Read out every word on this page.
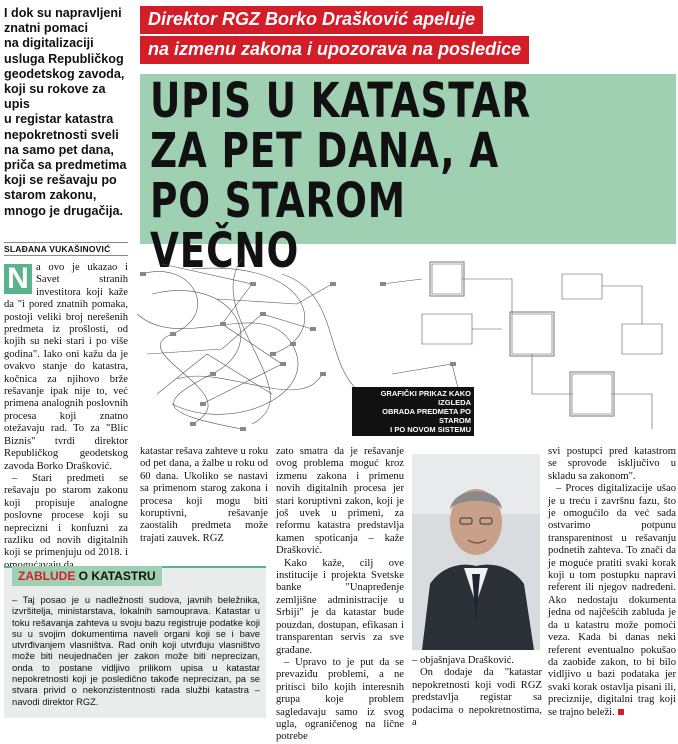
I dok su napravljeni
znatni pomaci
na digitalizaciji
usluga Republičkog
geodetskog zavoda,
koji su rokove za upis
u registar katastra
nepokretnosti sveli
na samo pet dana,
priča sa predmetima
koji se rešavaju po
starom zakonu,
mnogo je drugačija.
SLAĐANA VUKAŠINOVIĆ
Direktor RGZ Borko Drašković apeluje
na izmenu zakona i upozorava na posledice
UPIS U KATASTAR
ZA PET DANA, A
PO STAROM VEČNO

N a ovo je ukazao i Savet stranih investitora koji kaže da "i pored znatnih pomaka, postoji veliki broj nerešenih predmeta iz prošlosti, od kojih su neki stari i po više godina". Iako oni kažu da je ovakvo stanje do katastra, kočnica za njihovo brže rešavanje ipak nije to, već primena analognih poslovnih procesa koji znatno otežavaju rad. To za "Blic Biznis" tvrdi direktor Republičkog geodetskog zavoda Borko Drašković.

– Stari predmeti se rešavaju po starom zakonu koji propisuje analogne poslovne procese koji su neprecizni i konfuzni za razliku od novih digitalnih koji se primenjuju od 2018. i

GRAFIČKI PRIKAZ KAKO IZGLEDA
OBRADA PREDMETA PO STAROM
I PO NOVOM SISTEMU

katastar rešava zahteve u roku od pet dana, a žalbe u roku od 60 dana. Ukoliko se nastavi sa primenom starog zakona i procesa koji mogu biti koruptivni, rešavanje zaostalih predmeta može trajati zauvek. RGZ

zato smatra da je rešavanje ovog problema moguć kroz izmenu zakona i primenu novih digitalnih procesa jer stari koruptivni zakon, koji je još uvek u primeni, za reformu katastra predstavlja kamen spoticanja – kaže Drašković.

Kako kaže, cilj ove institucije i projekta Svetske banke "Unapređenje zemljišne administracije u Srbiji" je da katastar bude pouzdan, dostupan, efikasan i transparentan servis za sve građane.

– Upravo to je put da se prevaziđu problemi, a ne pritisci bilo kojih interesnih grupa koje problem sagledavaju samo iz svog ugla, ograničenog na lične potrebe

– objašnjava Drašković.

On dodaje da "katastar nepokretnosti koji vodi RGZ predstavlja registar sa podacima o nepokretnostima, a

svi postupci pred katastrom se sprovode isključivo u skladu sa zakonom".

– Proces digitalizacije ušao je u treću i završnu fazu, što je omogućilo da već sada ostvarimo potpunu transparentnost u rešavanju podnetih zahteva. To znači da je moguće pratiti svaki korak koji u tom postupku napravi referent ili njegov nadređeni. Ako nedostaju dokumenta jedna od najčešćih zabluda je da u katastru može pomoći veza. Kada bi danas neki referent eventualno pokušao da zaobiđe zakon, to bi bilo vidljivo u bazi podataka jer svaki korak ostavlja pisani ili, preciznije, digitalni trag koji se trajno beleži.

ZABLUDE O KATASTRU
– Taj posao je u nadležnosti sudova, javnih beležnika, izvršitelja, ministarstava, lokalnih samouprava. Katastar u toku rešavanja zahteva u svoju bazu registruje podatke koji su u svojim dokumentima naveli organi koji se i bave utvrđivanjem vlasništva. Rad onih koji utvrđuju vlasništvo može biti neujednačen jer zakon može biti neprecizan, onda to postane vidljivo prilikom upisa u katastar nepokretnosti koji je posledično takođe neprecizan, pa se stvara privid o nekonzistentnosti rada službi katastra – navodi direktor RGZ.
